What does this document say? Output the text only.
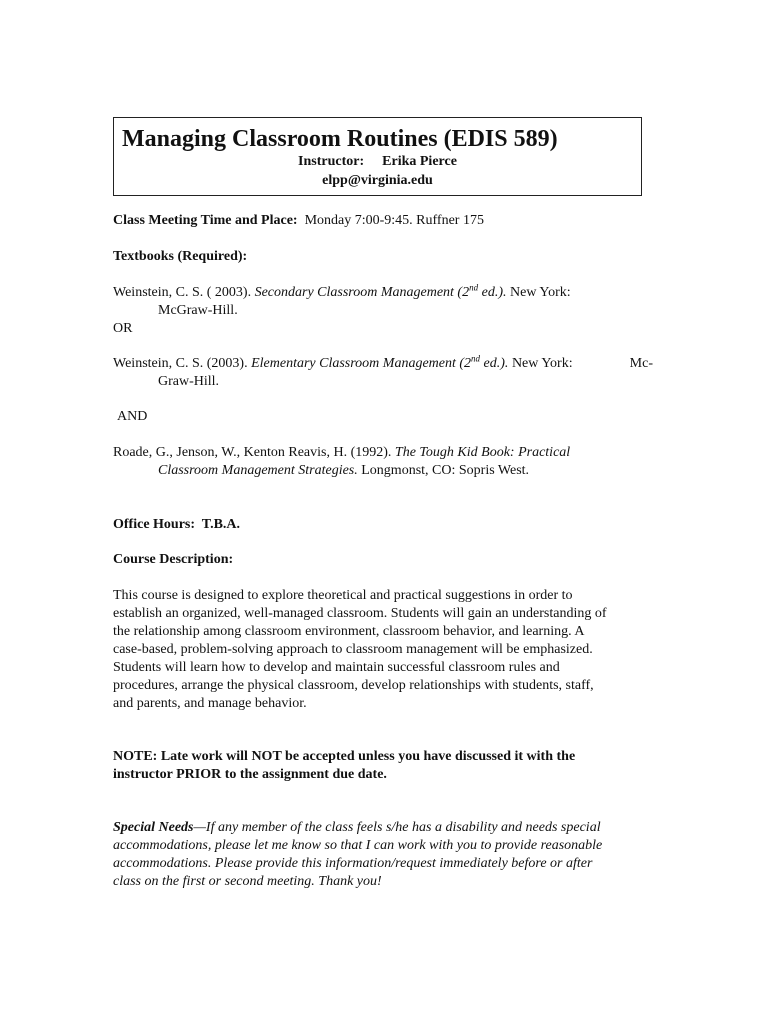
Managing Classroom Routines (EDIS 589)
Instructor: Erika Pierce
elpp@virginia.edu
Class Meeting Time and Place: Monday 7:00-9:45. Ruffner 175
Textbooks (Required):
Weinstein, C. S. ( 2003). Secondary Classroom Management (2nd ed.). New York:
McGraw-Hill.
OR
Weinstein, C. S. (2003). Elementary Classroom Management (2nd ed.). New York:	Mc-
Graw-Hill.
AND
Roade, G., Jenson, W., Kenton Reavis, H. (1992). The Tough Kid Book: Practical
Classroom Management Strategies. Longmonst, CO: Sopris West.
Office Hours: T.B.A.
Course Description:
This course is designed to explore theoretical and practical suggestions in order to
establish an organized, well-managed classroom. Students will gain an understanding of
the relationship among classroom environment, classroom behavior, and learning. A
case-based, problem-solving approach to classroom management will be emphasized.
Students will learn how to develop and maintain successful classroom rules and
procedures, arrange the physical classroom, develop relationships with students, staff,
and parents, and manage behavior.
NOTE: Late work will NOT be accepted unless you have discussed it with the
instructor PRIOR to the assignment due date.
Special Needs—If any member of the class feels s/he has a disability and needs special
accommodations, please let me know so that I can work with you to provide reasonable
accommodations. Please provide this information/request immediately before or after
class on the first or second meeting. Thank you!
